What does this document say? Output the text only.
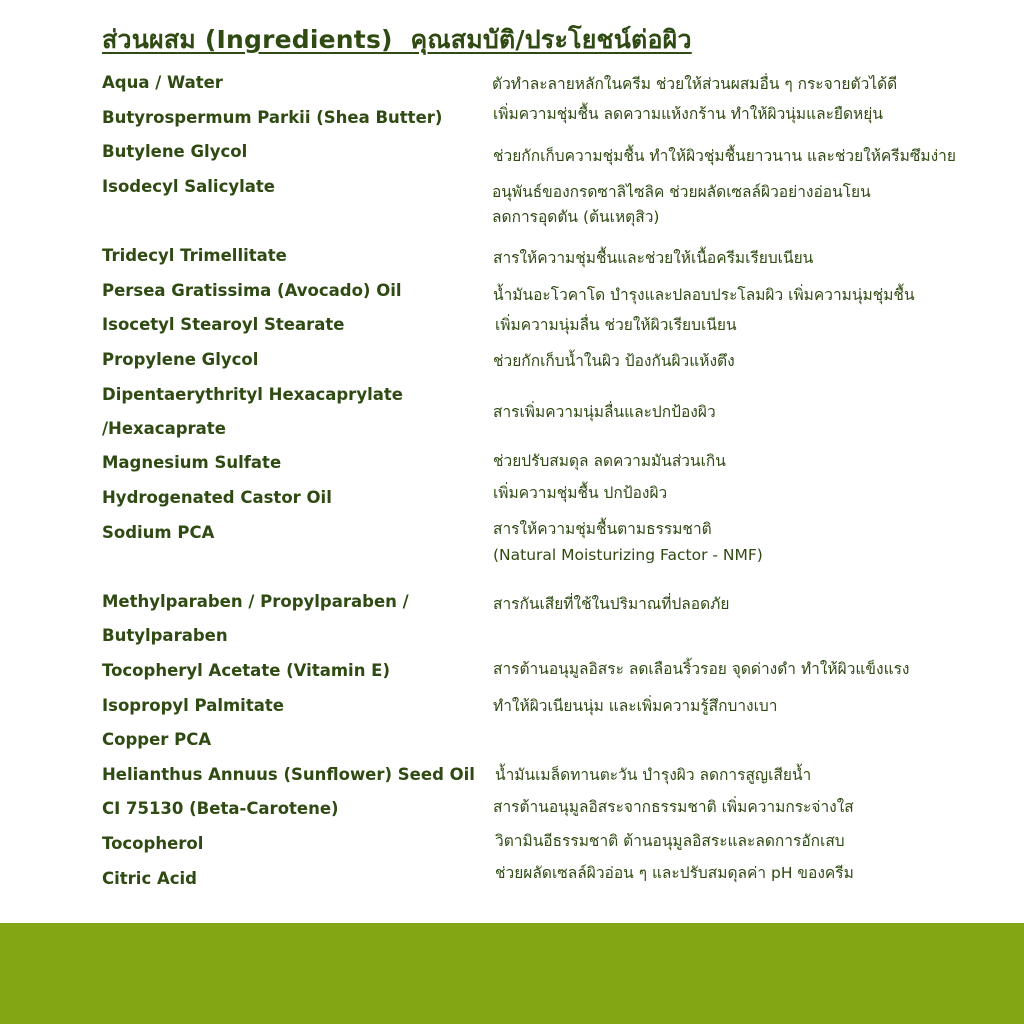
ส่วนผสม (Ingredients)  คุณสมบัติ/ประโยชน์ต่อผิว
Aqua / Water
Butyrospermum Parkii (Shea Butter)
Butylene Glycol
Isodecyl Salicylate
Tridecyl Trimellitate
Persea Gratissima (Avocado) Oil
Isocetyl Stearoyl Stearate
Propylene Glycol
Dipentaerythrityl Hexacaprylate
/Hexacaprate
Magnesium Sulfate
Hydrogenated Castor Oil
Sodium PCA
Methylparaben / Propylparaben /
Butylparaben
Tocopheryl Acetate (Vitamin E)
Isopropyl Palmitate
Copper PCA
Helianthus Annuus (Sunflower) Seed Oil
CI 75130 (Beta-Carotene)
Tocopherol
Citric Acid
ตัวทำละลายหลักในครีม ช่วยให้ส่วนผสมอื่น ๆ กระจายตัวได้ดี
เพิ่มความชุ่มชื้น ลดความแห้งกร้าน ทำให้ผิวนุ่มและยืดหยุ่น
ช่วยกักเก็บความชุ่มชื้น ทำให้ผิวชุ่มชื้นยาวนาน และช่วยให้ครีมซึมง่าย
อนุพันธ์ของกรดซาลิไซลิค ช่วยผลัดเซลล์ผิวอย่างอ่อนโยน
ลดการอุดตัน (ต้นเหตุสิว)
สารให้ความชุ่มชื้นและช่วยให้เนื้อครีมเรียบเนียน
น้ำมันอะโวคาโด บำรุงและปลอบประโลมผิว เพิ่มความนุ่มชุ่มชื้น
เพิ่มความนุ่มลื่น ช่วยให้ผิวเรียบเนียน
ช่วยกักเก็บน้ำในผิว ป้องกันผิวแห้งตึง
สารเพิ่มความนุ่มลื่นและปกป้องผิว
ช่วยปรับสมดุล ลดความมันส่วนเกิน
เพิ่มความชุ่มชื้น ปกป้องผิว
สารให้ความชุ่มชื้นตามธรรมชาติ
(Natural Moisturizing Factor - NMF)
สารกันเสียที่ใช้ในปริมาณที่ปลอดภัย
สารต้านอนุมูลอิสระ ลดเลือนริ้วรอย จุดด่างดำ ทำให้ผิวแข็งแรง
ทำให้ผิวเนียนนุ่ม และเพิ่มความรู้สึกบางเบา
น้ำมันเมล็ดทานตะวัน บำรุงผิว ลดการสูญเสียน้ำ
สารต้านอนุมูลอิสระจากธรรมชาติ เพิ่มความกระจ่างใส
วิตามินอีธรรมชาติ ต้านอนุมูลอิสระและลดการอักเสบ
ช่วยผลัดเซลล์ผิวอ่อน ๆ และปรับสมดุลค่า pH ของครีม
